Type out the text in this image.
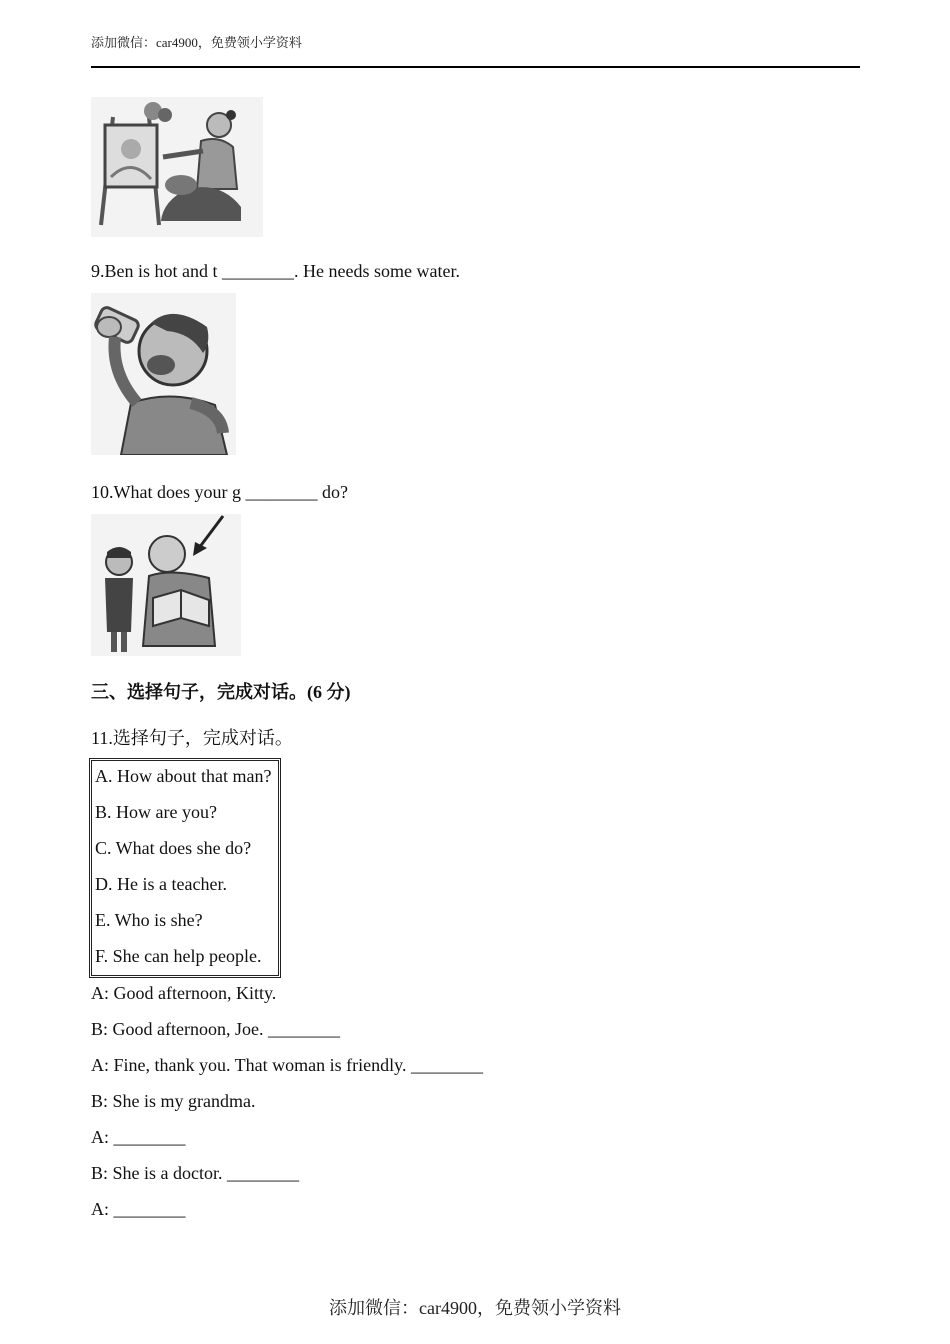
添加微信：car4900，免费领小学资料
9.Ben is hot and t ________. He needs some water.
10.What does your g ________ do?
三、选择句子，完成对话。(6 分)
11.选择句子，完成对话。
A. How about that man?
B. How are you?
C. What does she do?
D. He is a teacher.
E. Who is she?
F. She can help people.
A: Good afternoon, Kitty.
B: Good afternoon, Joe. ________
A: Fine, thank you. That woman is friendly. ________
B: She is my grandma.
A: ________
B: She is a doctor. ________
A: ________
添加微信：car4900，免费领小学资料
